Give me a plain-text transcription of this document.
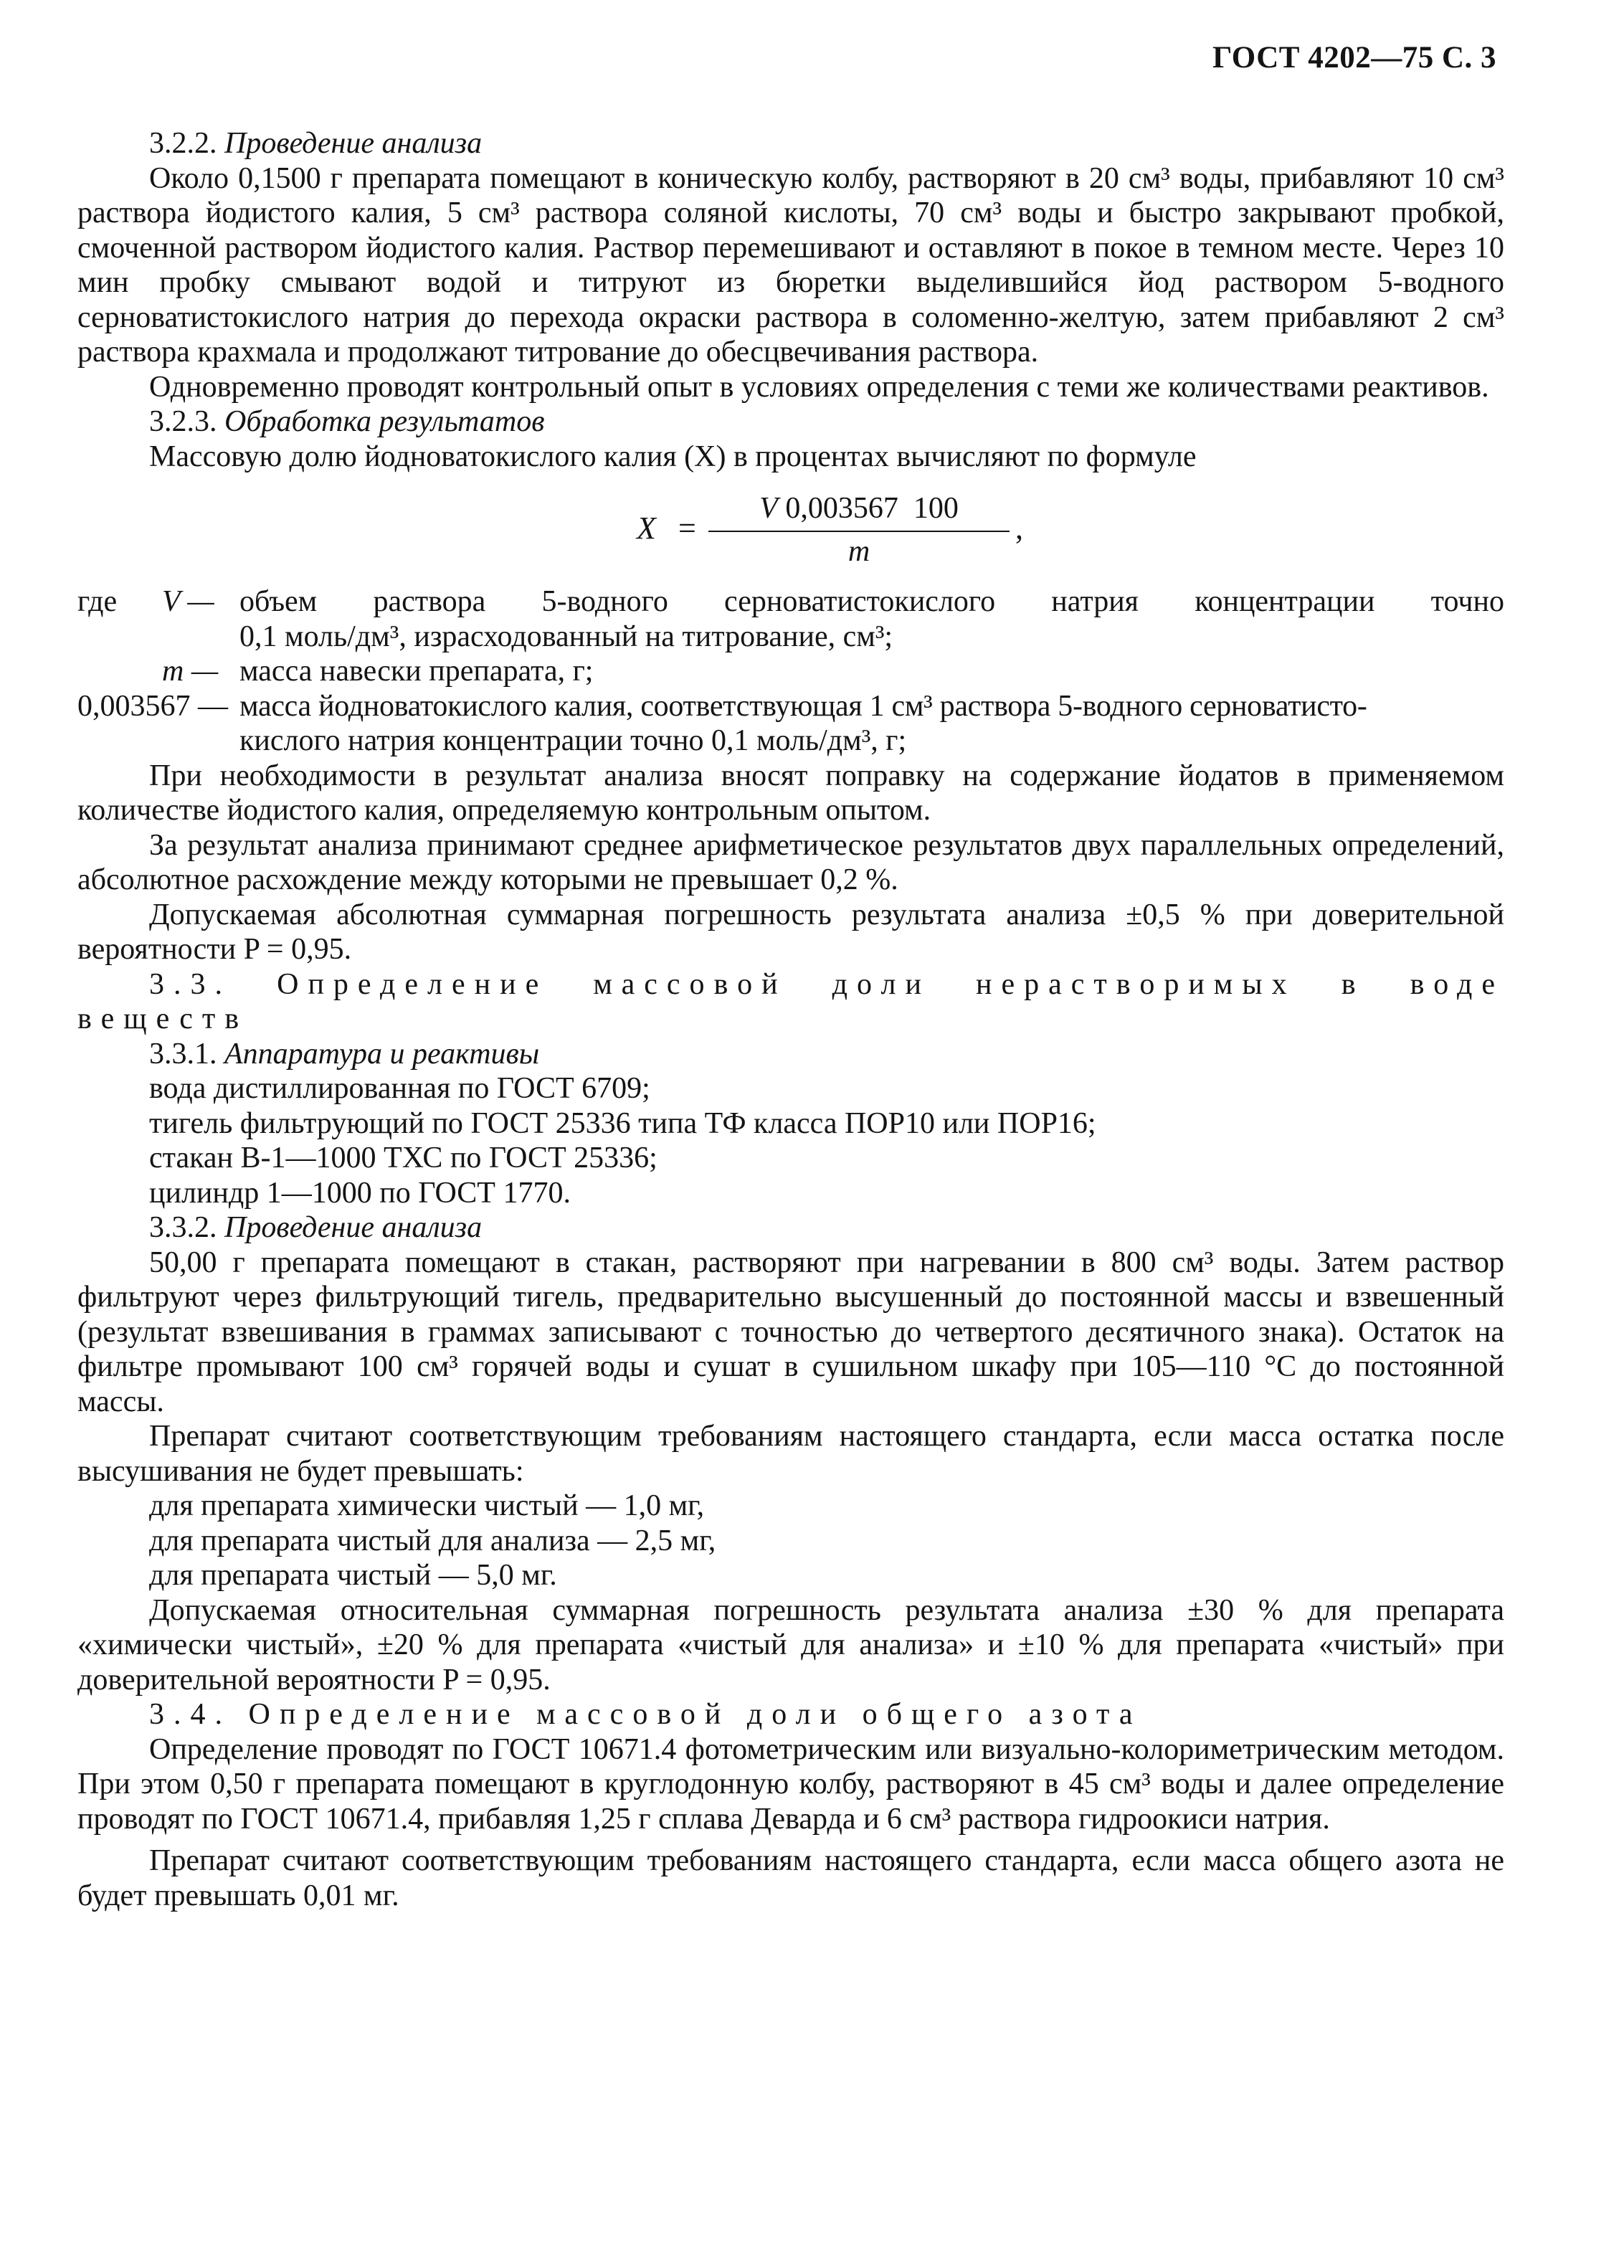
ГОСТ 4202—75 С. 3

3.2.2. Проведение анализа

Около 0,1500 г препарата помещают в коническую колбу, растворяют в 20 см³ воды, прибавляют 10 см³ раствора йодистого калия, 5 см³ раствора соляной кислоты, 70 см³ воды и быстро закрывают пробкой, смоченной раствором йодистого калия. Раствор перемешивают и оставляют в покое в темном месте. Через 10 мин пробку смывают водой и титруют из бюретки выделившийся йод раствором 5-водного серноватистокислого натрия до перехода окраски раствора в соломенно-желтую, затем прибавляют 2 см³ раствора крахмала и продолжают титрование до обесцвечивания раствора.

Одновременно проводят контрольный опыт в условиях определения с теми же количествами реактивов.

3.2.3. Обработка результатов

Массовую долю йодноватокислого калия (X) в процентах вычисляют по формуле

X =
V 0,003567  100
m
,
где	V — объем раствора 5-водного серноватистокислого натрия концентрации точно

0,1 моль/дм³, израсходованный на титрование, см³;

m — масса навески препарата, г;
0,003567 — масса йодноватокислого калия, соответствующая 1 см³ раствора 5-водного серноватисто-

кислого натрия концентрации точно 0,1 моль/дм³, г;

При необходимости в результат анализа вносят поправку на содержание йодатов в применяемом количестве йодистого калия, определяемую контрольным опытом.

За результат анализа принимают среднее арифметическое результатов двух параллельных определений, абсолютное расхождение между которыми не превышает 0,2 %.

Допускаемая абсолютная суммарная погрешность результата анализа ±0,5 % при доверительной вероятности P = 0,95.

3.3. Определение массовой доли нерастворимых в воде веществ

3.3.1. Аппаратура и реактивы

вода дистиллированная по ГОСТ 6709;

тигель фильтрующий по ГОСТ 25336 типа ТФ класса ПОР10 или ПОР16;

стакан В-1—1000 ТХС по ГОСТ 25336;

цилиндр 1—1000 по ГОСТ 1770.

3.3.2. Проведение анализа

50,00 г препарата помещают в стакан, растворяют при нагревании в 800 см³ воды. Затем раствор фильтруют через фильтрующий тигель, предварительно высушенный до постоянной массы и взвешенный (результат взвешивания в граммах записывают с точностью до четвертого десятичного знака). Остаток на фильтре промывают 100 см³ горячей воды и сушат в сушильном шкафу при 105—110 °С до постоянной массы.

Препарат считают соответствующим требованиям настоящего стандарта, если масса остатка после высушивания не будет превышать:

для препарата химически чистый — 1,0 мг,

для препарата чистый для анализа — 2,5 мг,

для препарата чистый — 5,0 мг.

Допускаемая относительная суммарная погрешность результата анализа ±30 % для препарата «химически чистый», ±20 % для препарата «чистый для анализа» и ±10 % для препарата «чистый» при доверительной вероятности P = 0,95.

3.4. Определение массовой доли общего азота

Определение проводят по ГОСТ 10671.4 фотометрическим или визуально-колориметрическим методом. При этом 0,50 г препарата помещают в круглодонную колбу, растворяют в 45 см³ воды и далее определение проводят по ГОСТ 10671.4, прибавляя 1,25 г сплава Деварда и 6 см³ раствора гидроокиси натрия.

Препарат считают соответствующим требованиям настоящего стандарта, если масса общего азота не будет превышать 0,01 мг.
